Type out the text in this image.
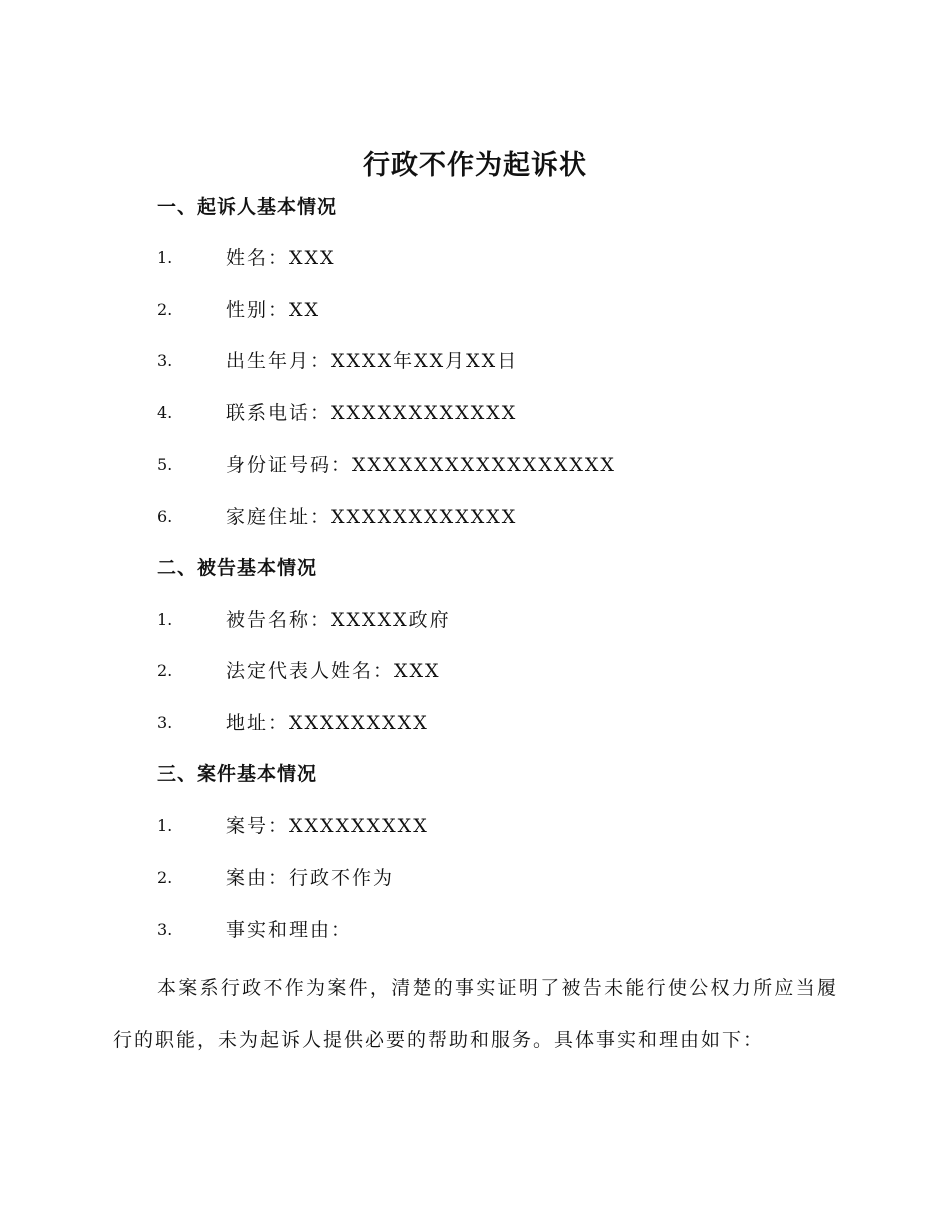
行政不作为起诉状
一、起诉人基本情况
1.	姓名：XXX
2.	性别：XX
3.	出生年月：XXXX年XX月XX日
4.	联系电话：XXXXXXXXXXXX
5.	身份证号码：XXXXXXXXXXXXXXXXX
6.	家庭住址：XXXXXXXXXXXX
二、被告基本情况
1.	被告名称：XXXXX政府
2.	法定代表人姓名：XXX
3.	地址：XXXXXXXXX
三、案件基本情况
1.	案号：XXXXXXXXX
2.	案由：行政不作为
3.	事实和理由：
本案系行政不作为案件，清楚的事实证明了被告未能行使公权力所应当履行的职能，未为起诉人提供必要的帮助和服务。具体事实和理由如下：
